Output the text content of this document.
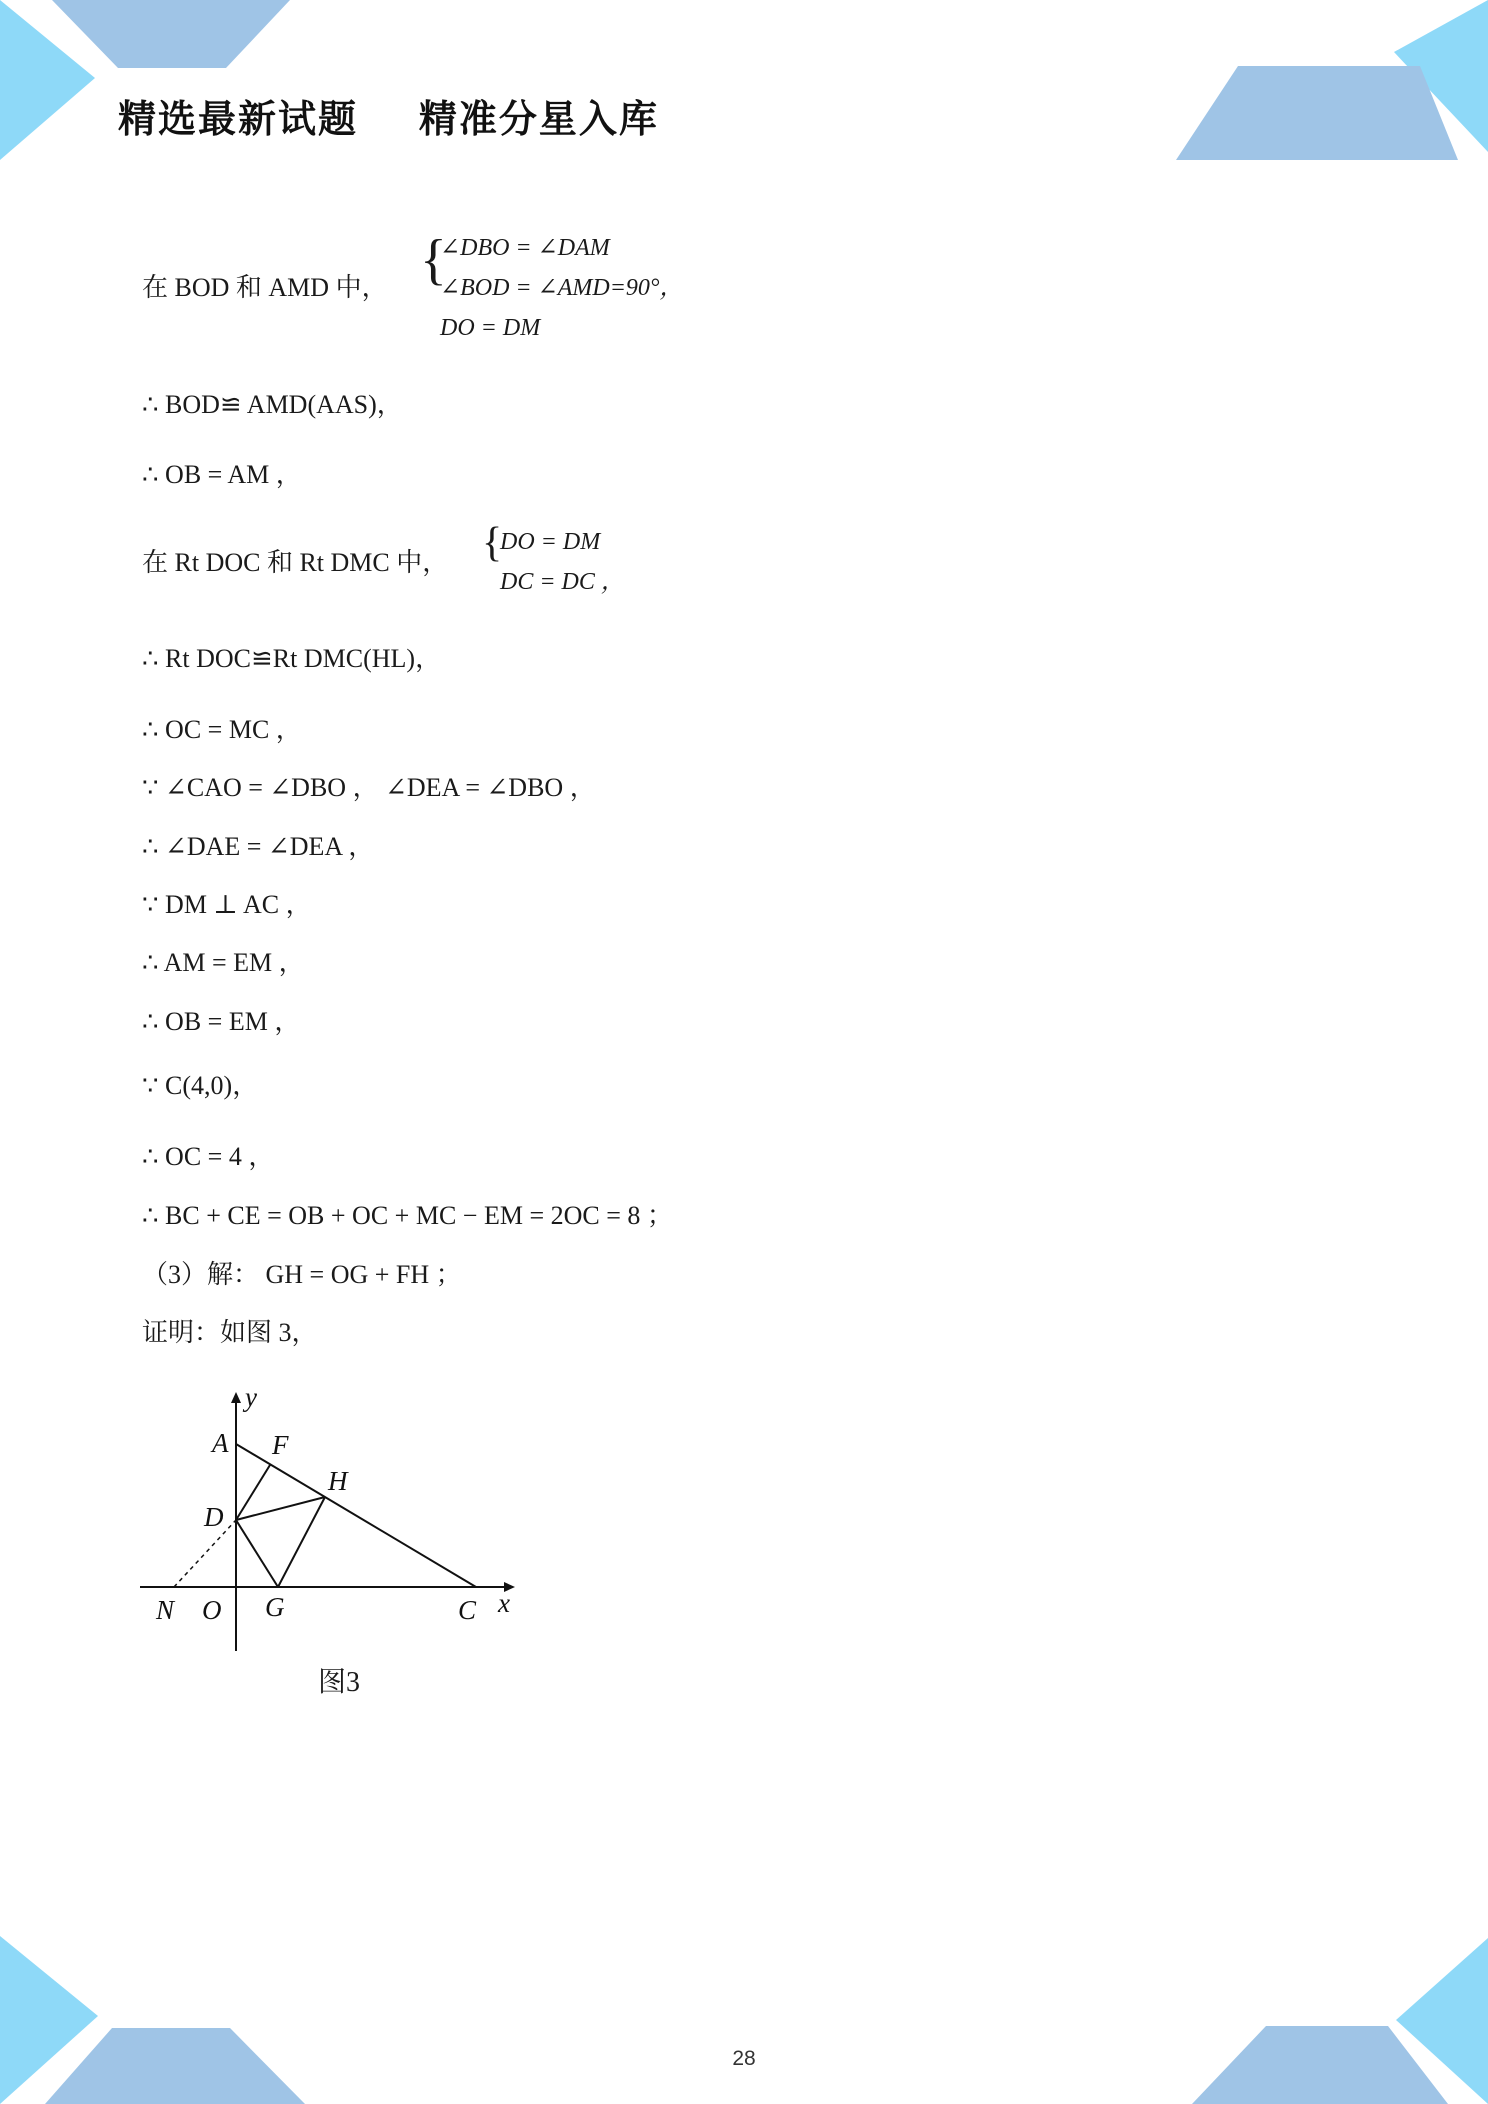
精选最新试题    精准分星入库
在 BOD 和 AMD 中， {
∠DBO = ∠DAM
∠BOD = ∠AMD=90°，
DO = DM
∴ BOD≌ AMD(AAS)，
∴ OB = AM ，
在 Rt DOC 和 Rt DMC 中， {
DO = DM
DC = DC ，
∴ Rt DOC≌Rt DMC(HL)，
∴ OC = MC ，
∵ ∠CAO = ∠DBO ， ∠DEA = ∠DBO ，
∴ ∠DAE = ∠DEA ，
∵ DM ⊥ AC ，
∴ AM = EM ，
∴ OB = EM ，
∵ C(4,0)，
∴ OC = 4 ，
∴ BC + CE = OB + OC + MC − EM = 2OC = 8 ；
（3）解： GH = OG + FH ；
证明：如图 3，
y
A F
H
D
N O G	C x
图3
28
